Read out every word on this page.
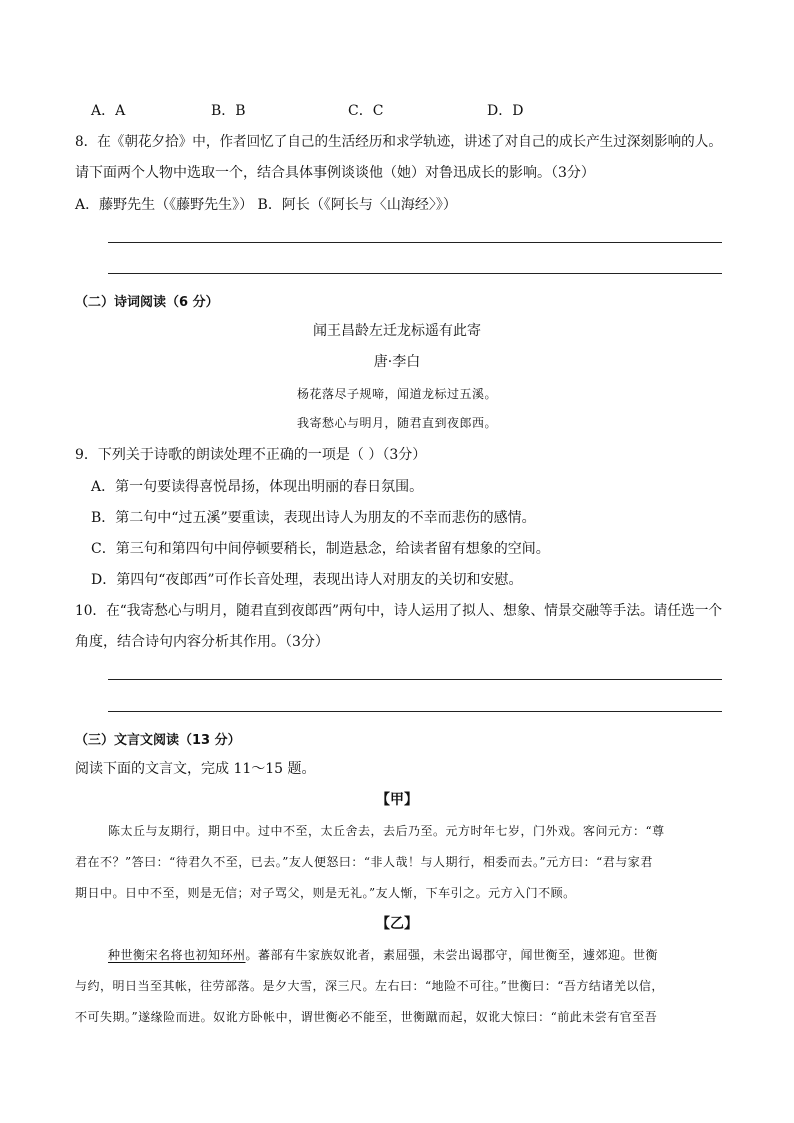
A．A	B．B	C．C	D．D
8．在《朝花夕拾》中，作者回忆了自己的生活经历和求学轨迹，讲述了对自己的成长产生过深刻影响的人。
请下面两个人物中选取一个，结合具体事例谈谈他（她）对鲁迅成长的影响。（3分）
A．藤野先生（《藤野先生》） B．阿长（《阿长与〈山海经〉》）
（二）诗词阅读（6 分）
闻王昌龄左迁龙标遥有此寄
唐·李白
杨花落尽子规啼，闻道龙标过五溪。
我寄愁心与明月，随君直到夜郎西。
9．下列关于诗歌的朗读处理不正确的一项是（ ）（3分）
A．第一句要读得喜悦昂扬，体现出明丽的春日氛围。
B．第二句中“过五溪”要重读，表现出诗人为朋友的不幸而悲伤的感情。
C．第三句和第四句中间停顿要稍长，制造悬念，给读者留有想象的空间。
D．第四句“夜郎西”可作长音处理，表现出诗人对朋友的关切和安慰。
10．在“我寄愁心与明月，随君直到夜郎西”两句中，诗人运用了拟人、想象、情景交融等手法。请任选一个
角度，结合诗句内容分析其作用。（3分）
（三）文言文阅读（13 分）
阅读下面的文言文，完成 11～15 题。
【甲】
陈太丘与友期行，期日中。过中不至，太丘舍去，去后乃至。元方时年七岁，门外戏。客问元方：“尊
君在不？”答曰：“待君久不至，已去。”友人便怒曰：“非人哉！与人期行，相委而去。”元方曰：“君与家君
期日中。日中不至，则是无信；对子骂父，则是无礼。”友人惭，下车引之。元方入门不顾。
【乙】
种世衡宋名将也初知环州。蕃部有牛家族奴讹者，素屈强，未尝出谒郡守，闻世衡至，遽郊迎。世衡
与约，明日当至其帐，往劳部落。是夕大雪，深三尺。左右曰：“地险不可往。”世衡曰：“吾方结诸羌以信，
不可失期。”遂缘险而进。奴讹方卧帐中，谓世衡必不能至，世衡蹴而起，奴讹大惊曰：“前此未尝有官至吾
